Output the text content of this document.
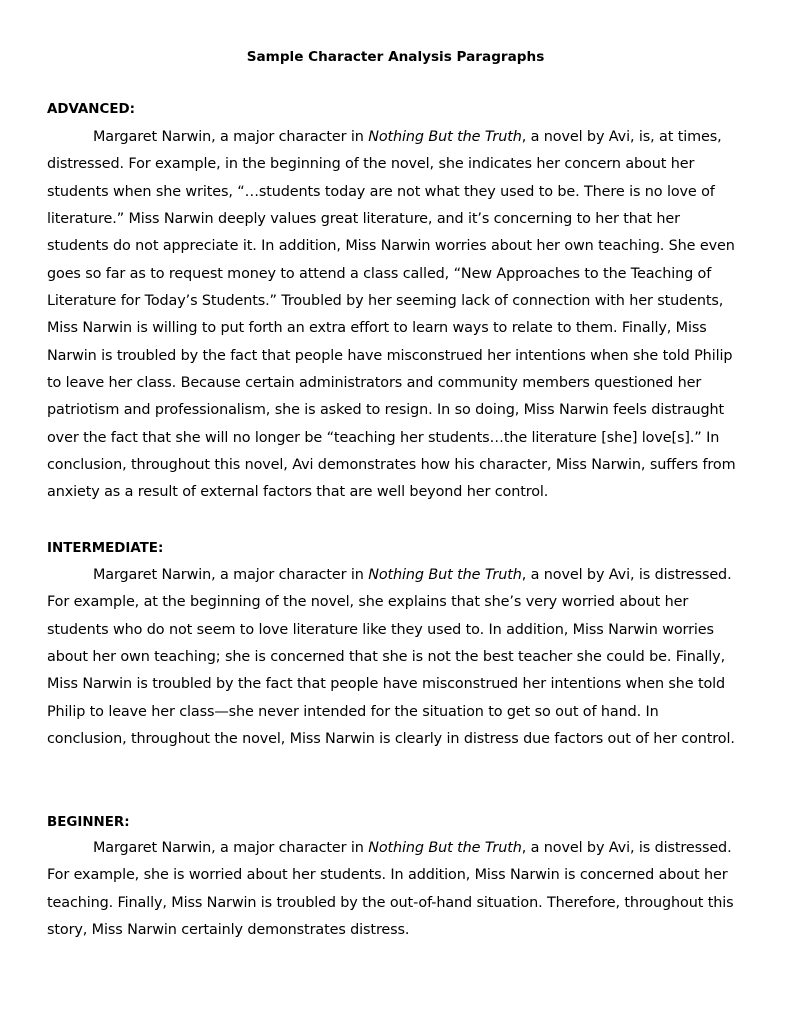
Sample Character Analysis Paragraphs
ADVANCED:
Margaret Narwin, a major character in Nothing But the Truth, a novel by Avi, is, at times,
distressed. For example, in the beginning of the novel, she indicates her concern about her
students when she writes, “…students today are not what they used to be. There is no love of
literature.” Miss Narwin deeply values great literature, and it’s concerning to her that her
students do not appreciate it. In addition, Miss Narwin worries about her own teaching. She even
goes so far as to request money to attend a class called, “New Approaches to the Teaching of
Literature for Today’s Students.” Troubled by her seeming lack of connection with her students,
Miss Narwin is willing to put forth an extra effort to learn ways to relate to them. Finally, Miss
Narwin is troubled by the fact that people have misconstrued her intentions when she told Philip
to leave her class. Because certain administrators and community members questioned her
patriotism and professionalism, she is asked to resign. In so doing, Miss Narwin feels distraught
over the fact that she will no longer be “teaching her students…the literature [she] love[s].” In
conclusion, throughout this novel, Avi demonstrates how his character, Miss Narwin, suffers from
anxiety as a result of external factors that are well beyond her control.
INTERMEDIATE:
Margaret Narwin, a major character in Nothing But the Truth, a novel by Avi, is distressed.
For example, at the beginning of the novel, she explains that she’s very worried about her
students who do not seem to love literature like they used to. In addition, Miss Narwin worries
about her own teaching; she is concerned that she is not the best teacher she could be. Finally,
Miss Narwin is troubled by the fact that people have misconstrued her intentions when she told
Philip to leave her class—she never intended for the situation to get so out of hand. In
conclusion, throughout the novel, Miss Narwin is clearly in distress due factors out of her control.
BEGINNER:
Margaret Narwin, a major character in Nothing But the Truth, a novel by Avi, is distressed.
For example, she is worried about her students. In addition, Miss Narwin is concerned about her
teaching. Finally, Miss Narwin is troubled by the out-of-hand situation. Therefore, throughout this
story, Miss Narwin certainly demonstrates distress.
